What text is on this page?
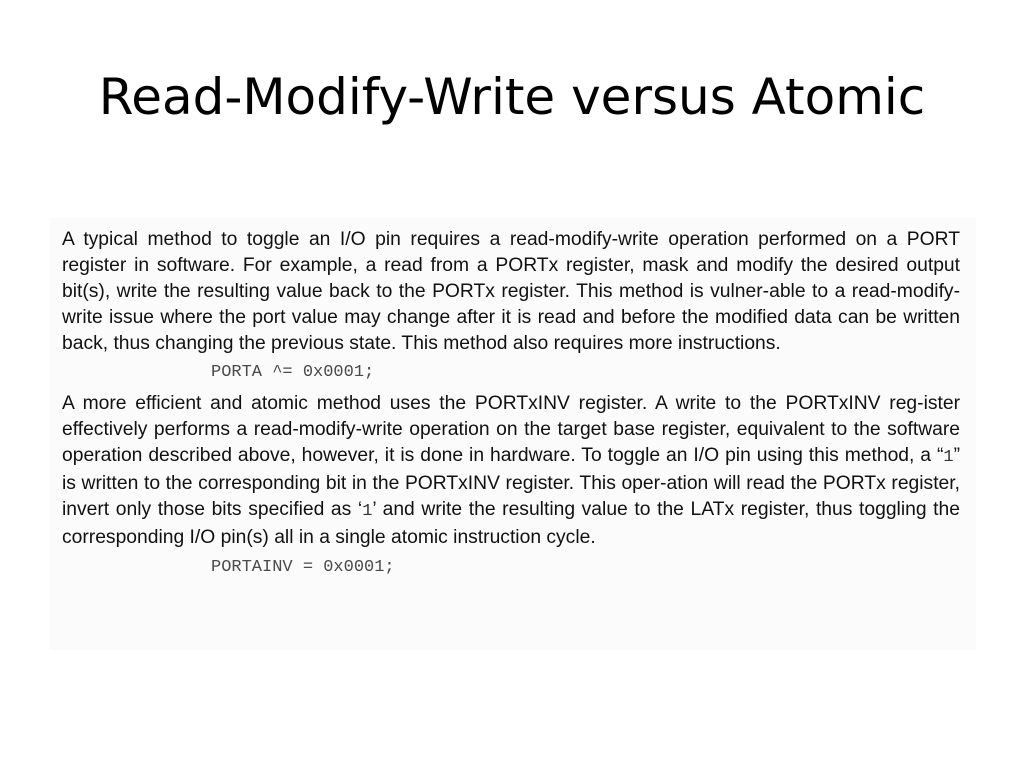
Read-Modify-Write versus Atomic

A typical method to toggle an I/O pin requires a read-modify-write operation performed on a PORT register in software. For example, a read from a PORTx register, mask and modify the desired output bit(s), write the resulting value back to the PORTx register. This method is vulner-able to a read-modify-write issue where the port value may change after it is read and before the modified data can be written back, thus changing the previous state. This method also requires more instructions.

PORTA ^= 0x0001;

A more efficient and atomic method uses the PORTxINV register. A write to the PORTxINV reg-ister effectively performs a read-modify-write operation on the target base register, equivalent to the software operation described above, however, it is done in hardware. To toggle an I/O pin using this method, a “1” is written to the corresponding bit in the PORTxINV register. This oper-ation will read the PORTx register, invert only those bits specified as ‘1’ and write the resulting value to the LATx register, thus toggling the corresponding I/O pin(s) all in a single atomic instruction cycle.

PORTAINV = 0x0001;
